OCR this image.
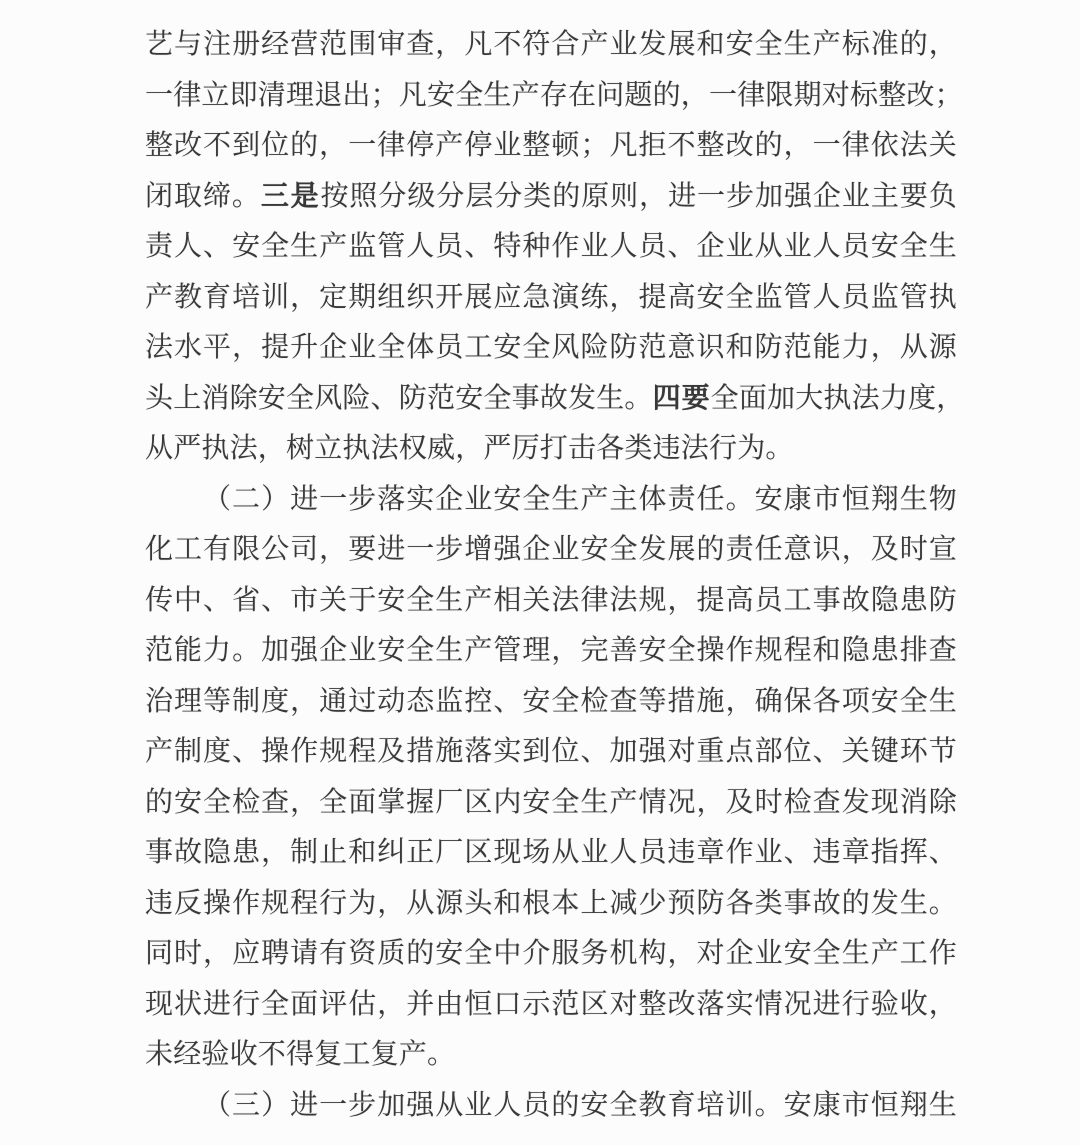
艺与注册经营范围审查，凡不符合产业发展和安全生产标准的，
一律立即清理退出；凡安全生产存在问题的，一律限期对标整改；
整改不到位的，一律停产停业整顿；凡拒不整改的，一律依法关
闭取缔。三是按照分级分层分类的原则，进一步加强企业主要负
责人、安全生产监管人员、特种作业人员、企业从业人员安全生
产教育培训，定期组织开展应急演练，提高安全监管人员监管执
法水平，提升企业全体员工安全风险防范意识和防范能力，从源
头上消除安全风险、防范安全事故发生。四要全面加大执法力度，
从严执法，树立执法权威，严厉打击各类违法行为。
（二）进一步落实企业安全生产主体责任。安康市恒翔生物
化工有限公司，要进一步增强企业安全发展的责任意识，及时宣
传中、省、市关于安全生产相关法律法规，提高员工事故隐患防
范能力。加强企业安全生产管理，完善安全操作规程和隐患排查
治理等制度，通过动态监控、安全检查等措施，确保各项安全生
产制度、操作规程及措施落实到位、加强对重点部位、关键环节
的安全检查，全面掌握厂区内安全生产情况，及时检查发现消除
事故隐患，制止和纠正厂区现场从业人员违章作业、违章指挥、
违反操作规程行为，从源头和根本上减少预防各类事故的发生。
同时，应聘请有资质的安全中介服务机构，对企业安全生产工作
现状进行全面评估，并由恒口示范区对整改落实情况进行验收，
未经验收不得复工复产。
（三）进一步加强从业人员的安全教育培训。安康市恒翔生
